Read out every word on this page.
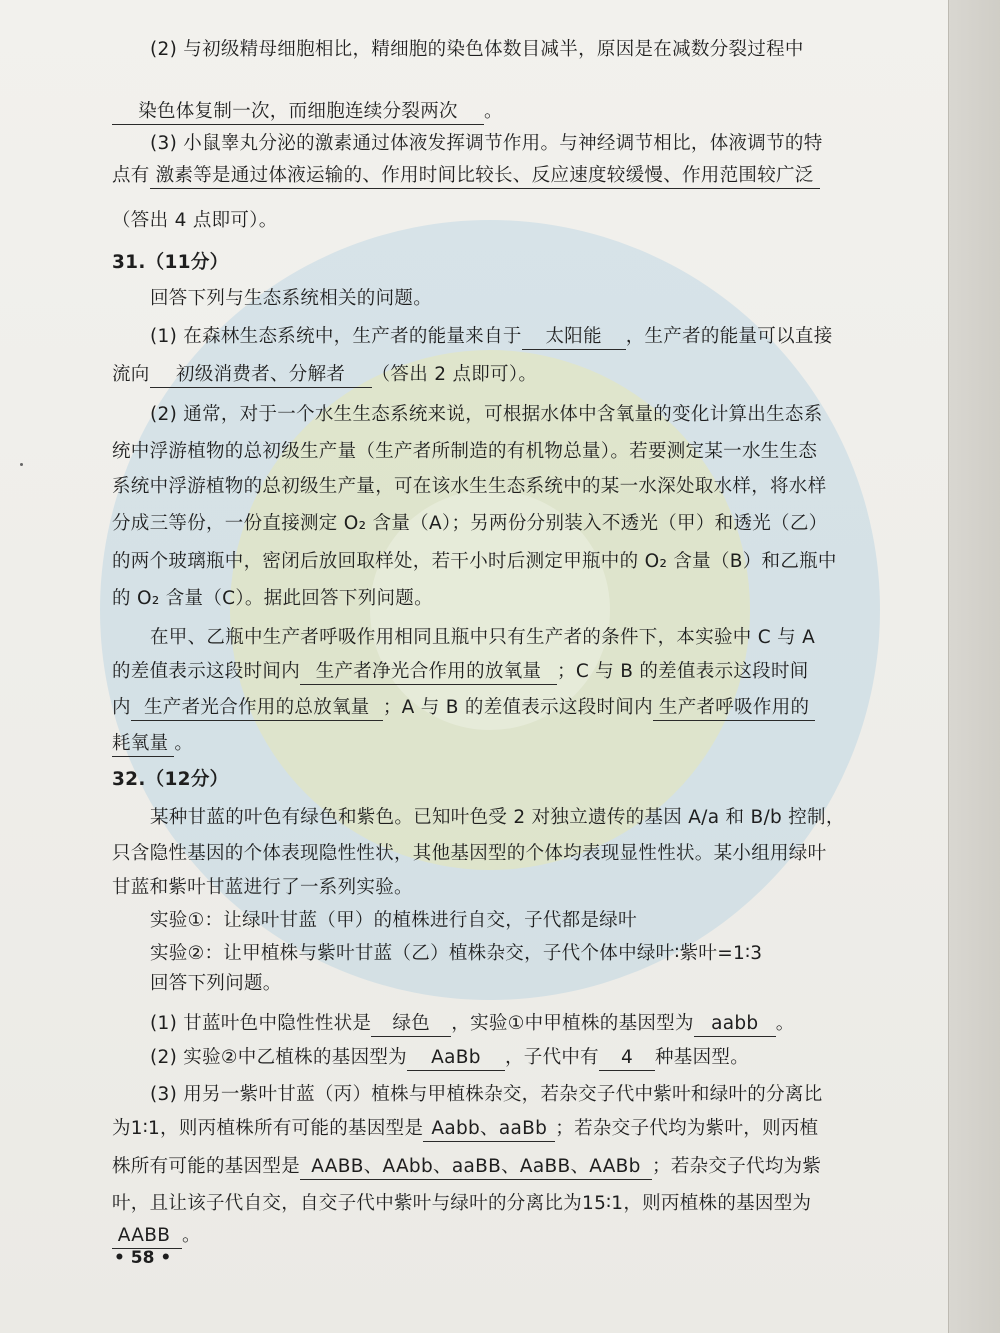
(2) 与初级精母细胞相比，精细胞的染色体数目减半，原因是在减数分裂过程中
染色体复制一次，而细胞连续分裂两次 。
(3) 小鼠睾丸分泌的激素通过体液发挥调节作用。与神经调节相比，体液调节的特
点有 激素等是通过体液运输的、作用时间比较长、反应速度较缓慢、作用范围较广泛
（答出 4 点即可）。
31.（11分）
回答下列与生态系统相关的问题。
(1) 在森林生态系统中，生产者的能量来自于 太阳能 ，生产者的能量可以直接
流向 初级消费者、分解者 （答出 2 点即可）。
(2) 通常，对于一个水生生态系统来说，可根据水体中含氧量的变化计算出生态系
统中浮游植物的总初级生产量（生产者所制造的有机物总量）。若要测定某一水生生态
系统中浮游植物的总初级生产量，可在该水生生态系统中的某一水深处取水样，将水样
分成三等份，一份直接测定 O₂ 含量（A）；另两份分别装入不透光（甲）和透光（乙）
的两个玻璃瓶中，密闭后放回取样处，若干小时后测定甲瓶中的 O₂ 含量（B）和乙瓶中
的 O₂ 含量（C）。据此回答下列问题。
在甲、乙瓶中生产者呼吸作用相同且瓶中只有生产者的条件下，本实验中 C 与 A
的差值表示这段时间内 生产者净光合作用的放氧量 ；C 与 B 的差值表示这段时间
内 生产者光合作用的总放氧量 ；A 与 B 的差值表示这段时间内 生产者呼吸作用的
耗氧量 。
32.（12分）
某种甘蓝的叶色有绿色和紫色。已知叶色受 2 对独立遗传的基因 A/a 和 B/b 控制，
只含隐性基因的个体表现隐性性状，其他基因型的个体均表现显性性状。某小组用绿叶
甘蓝和紫叶甘蓝进行了一系列实验。
实验①：让绿叶甘蓝（甲）的植株进行自交，子代都是绿叶
实验②：让甲植株与紫叶甘蓝（乙）植株杂交，子代个体中绿叶∶紫叶=1∶3
回答下列问题。
(1) 甘蓝叶色中隐性性状是 绿色 ，实验①中甲植株的基因型为 aabb 。
(2) 实验②中乙植株的基因型为 AaBb ，子代中有 4 种基因型。
(3) 用另一紫叶甘蓝（丙）植株与甲植株杂交，若杂交子代中紫叶和绿叶的分离比
为1∶1，则丙植株所有可能的基因型是 Aabb、aaBb ；若杂交子代均为紫叶，则丙植
株所有可能的基因型是 AABB、AAbb、aaBB、AaBB、AABb ；若杂交子代均为紫
叶，且让该子代自交，自交子代中紫叶与绿叶的分离比为15∶1，则丙植株的基因型为
AABB 。
• 58 •
